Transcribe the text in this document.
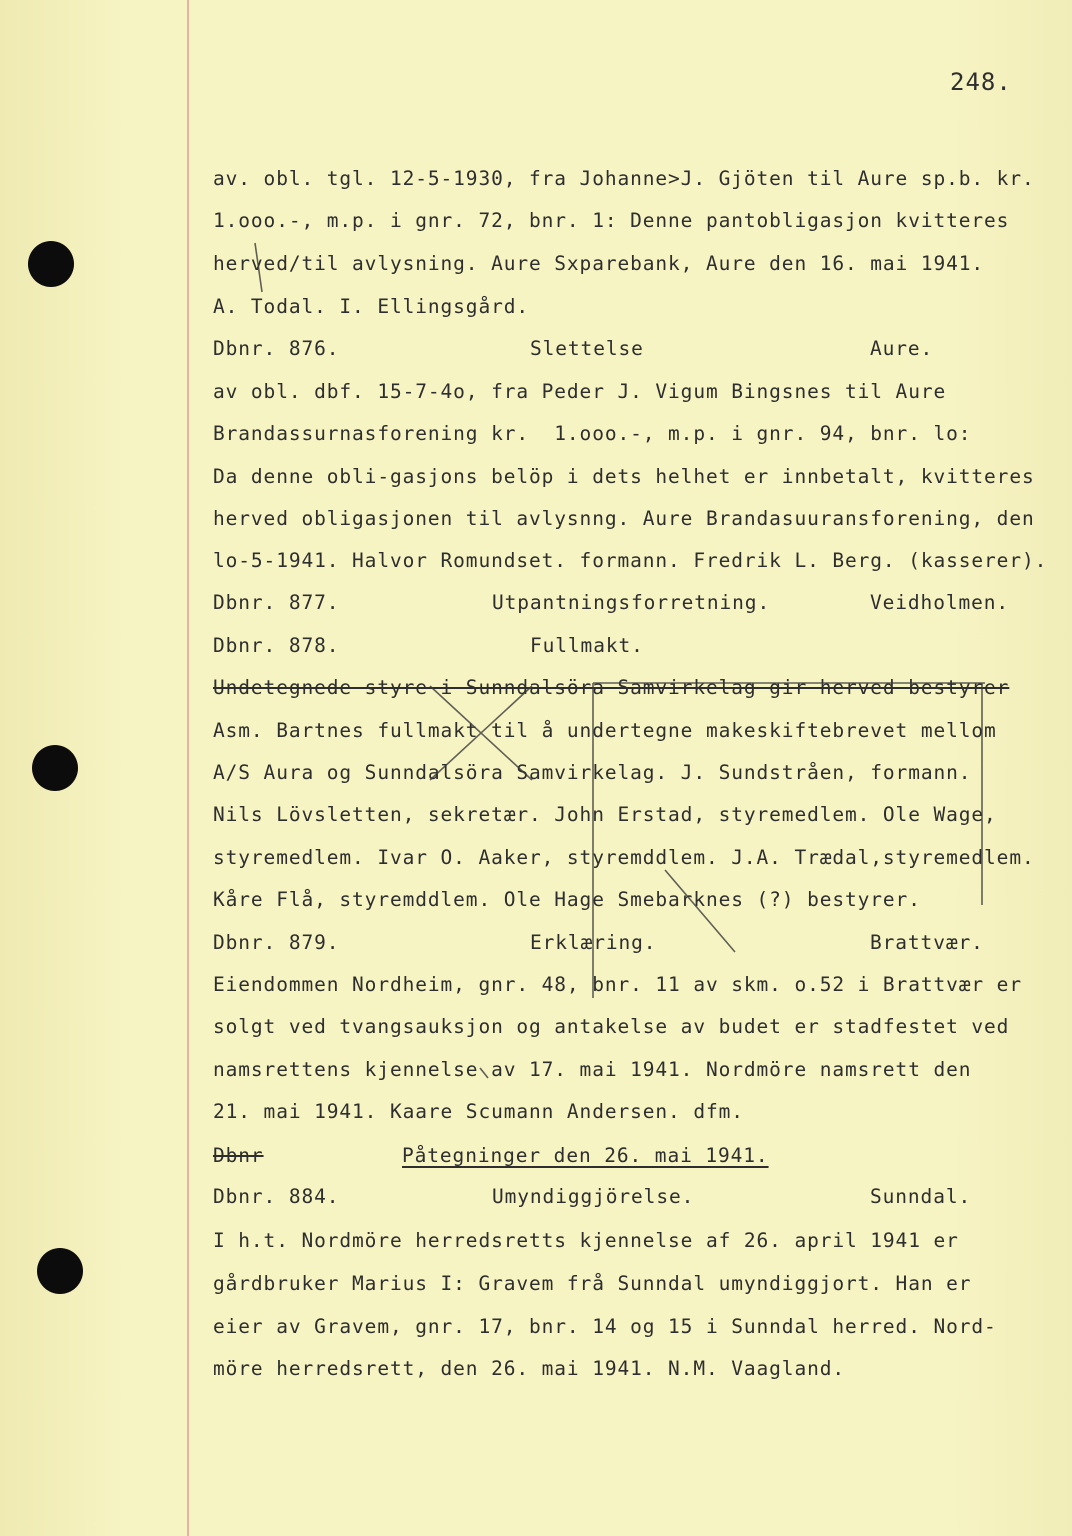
248.
av. obl. tgl. 12-5-1930, fra Johanne>J. Gjöten til Aure sp.b. kr.
1.ooo.-, m.p. i gnr. 72, bnr. 1: Denne pantobligasjon kvitteres
herved/til avlysning. Aure Sxparebank, Aure den 16. mai 1941.
A. Todal. I. Ellingsgård.
Dbnr. 876.	Slettelse	Aure.
av obl. dbf. 15-7-4o, fra Peder J. Vigum Bingsnes til Aure
Brandassurnasforening kr.  1.ooo.-, m.p. i gnr. 94, bnr. lo:
Da denne obli-gasjons belöp i dets helhet er innbetalt, kvitteres
herved obligasjonen til avlysnng. Aure Brandasuuransforening, den
lo-5-1941. Halvor Romundset. formann. Fredrik L. Berg. (kasserer).
Dbnr. 877.	Utpantningsforretning.	Veidholmen.
Dbnr. 878.	Fullmakt.
Undetegnede styre i Sunndalsöra Samvirkelag gir herved bestyrer
Asm. Bartnes fullmakt til å undertegne makeskiftebrevet mellom
A/S Aura og Sunndalsöra Samvirkelag. J. Sundstråen, formann.
Nils Lövsletten, sekretær. John Erstad, styremedlem. Ole Wage,
styremedlem. Ivar O. Aaker, styremddlem. J.A. Trædal,styremedlem.
Kåre Flå, styremddlem. Ole Hage Smebarknes (?) bestyrer.
Dbnr. 879.	Erklæring.	Brattvær.
Eiendommen Nordheim, gnr. 48, bnr. 11 av skm. o.52 i Brattvær er
solgt ved tvangsauksjon og antakelse av budet er stadfestet ved
namsrettens kjennelse av 17. mai 1941. Nordmöre namsrett den
21. mai 1941. Kaare Scumann Andersen. dfm.
Dbnr	Påtegninger den 26. mai 1941.
Dbnr. 884.	Umyndiggjörelse.	Sunndal.
I h.t. Nordmöre herredsretts kjennelse af 26. april 1941 er
gårdbruker Marius I: Gravem frå Sunndal umyndiggjort. Han er
eier av Gravem, gnr. 17, bnr. 14 og 15 i Sunndal herred. Nord-
möre herredsrett, den 26. mai 1941. N.M. Vaagland.
